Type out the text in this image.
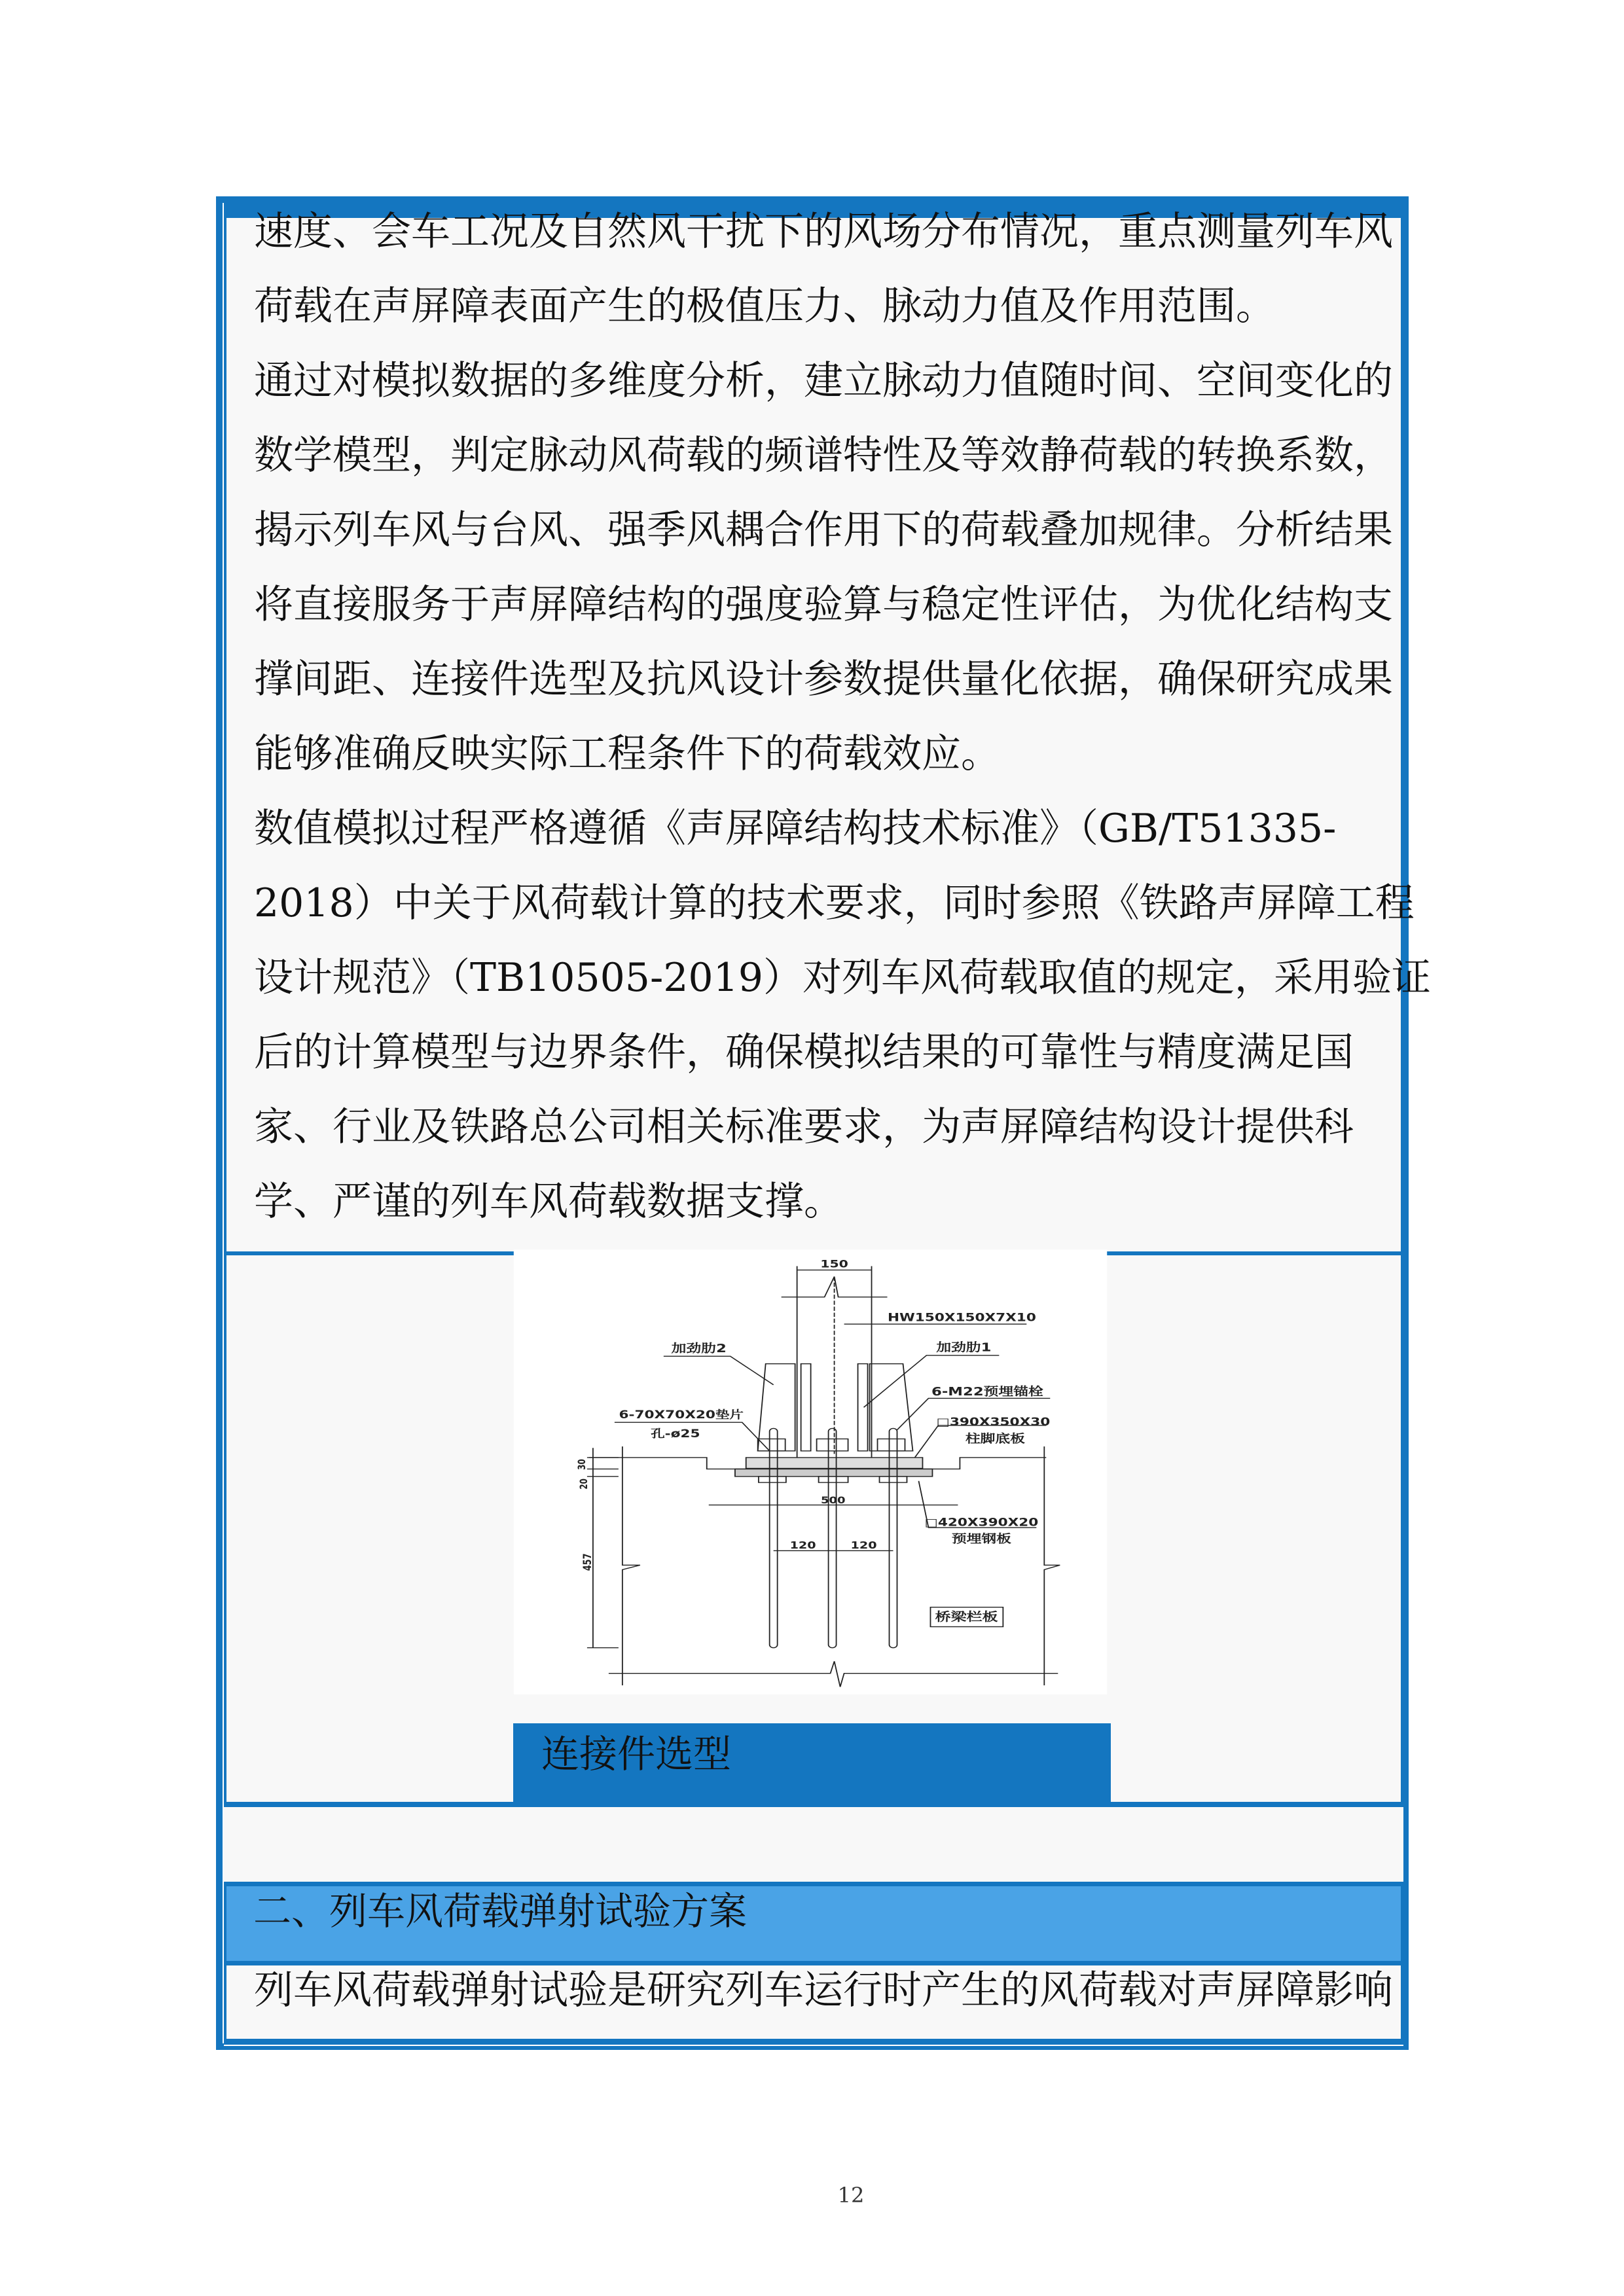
速度、会车工况及自然风干扰下的风场分布情况，重点测量列车风
荷载在声屏障表面产生的极值压力、脉动力值及作用范围。
通过对模拟数据的多维度分析，建立脉动力值随时间、空间变化的
数学模型，判定脉动风荷载的频谱特性及等效静荷载的转换系数，
揭示列车风与台风、强季风耦合作用下的荷载叠加规律。分析结果
将直接服务于声屏障结构的强度验算与稳定性评估，为优化结构支
撑间距、连接件选型及抗风设计参数提供量化依据，确保研究成果
能够准确反映实际工程条件下的荷载效应。
数值模拟过程严格遵循《声屏障结构技术标准》（GB/T51335-
2018）中关于风荷载计算的技术要求，同时参照《铁路声屏障工程
设计规范》（TB10505-2019）对列车风荷载取值的规定，采用验证
后的计算模型与边界条件，确保模拟结果的可靠性与精度满足国
家、行业及铁路总公司相关标准要求，为声屏障结构设计提供科
学、严谨的列车风荷载数据支撑。
150
HW150X150X7X10
加劲肋2	加劲肋1
6-M22预埋锚栓
6-70X70X20垫片
孔-ø25
□390X350X30
柱脚底板
30
20
457
500
□420X390X20
预埋钢板
120 120
桥梁栏板
连接件选型
二、列车风荷载弹射试验方案
列车风荷载弹射试验是研究列车运行时产生的风荷载对声屏障影响
12
